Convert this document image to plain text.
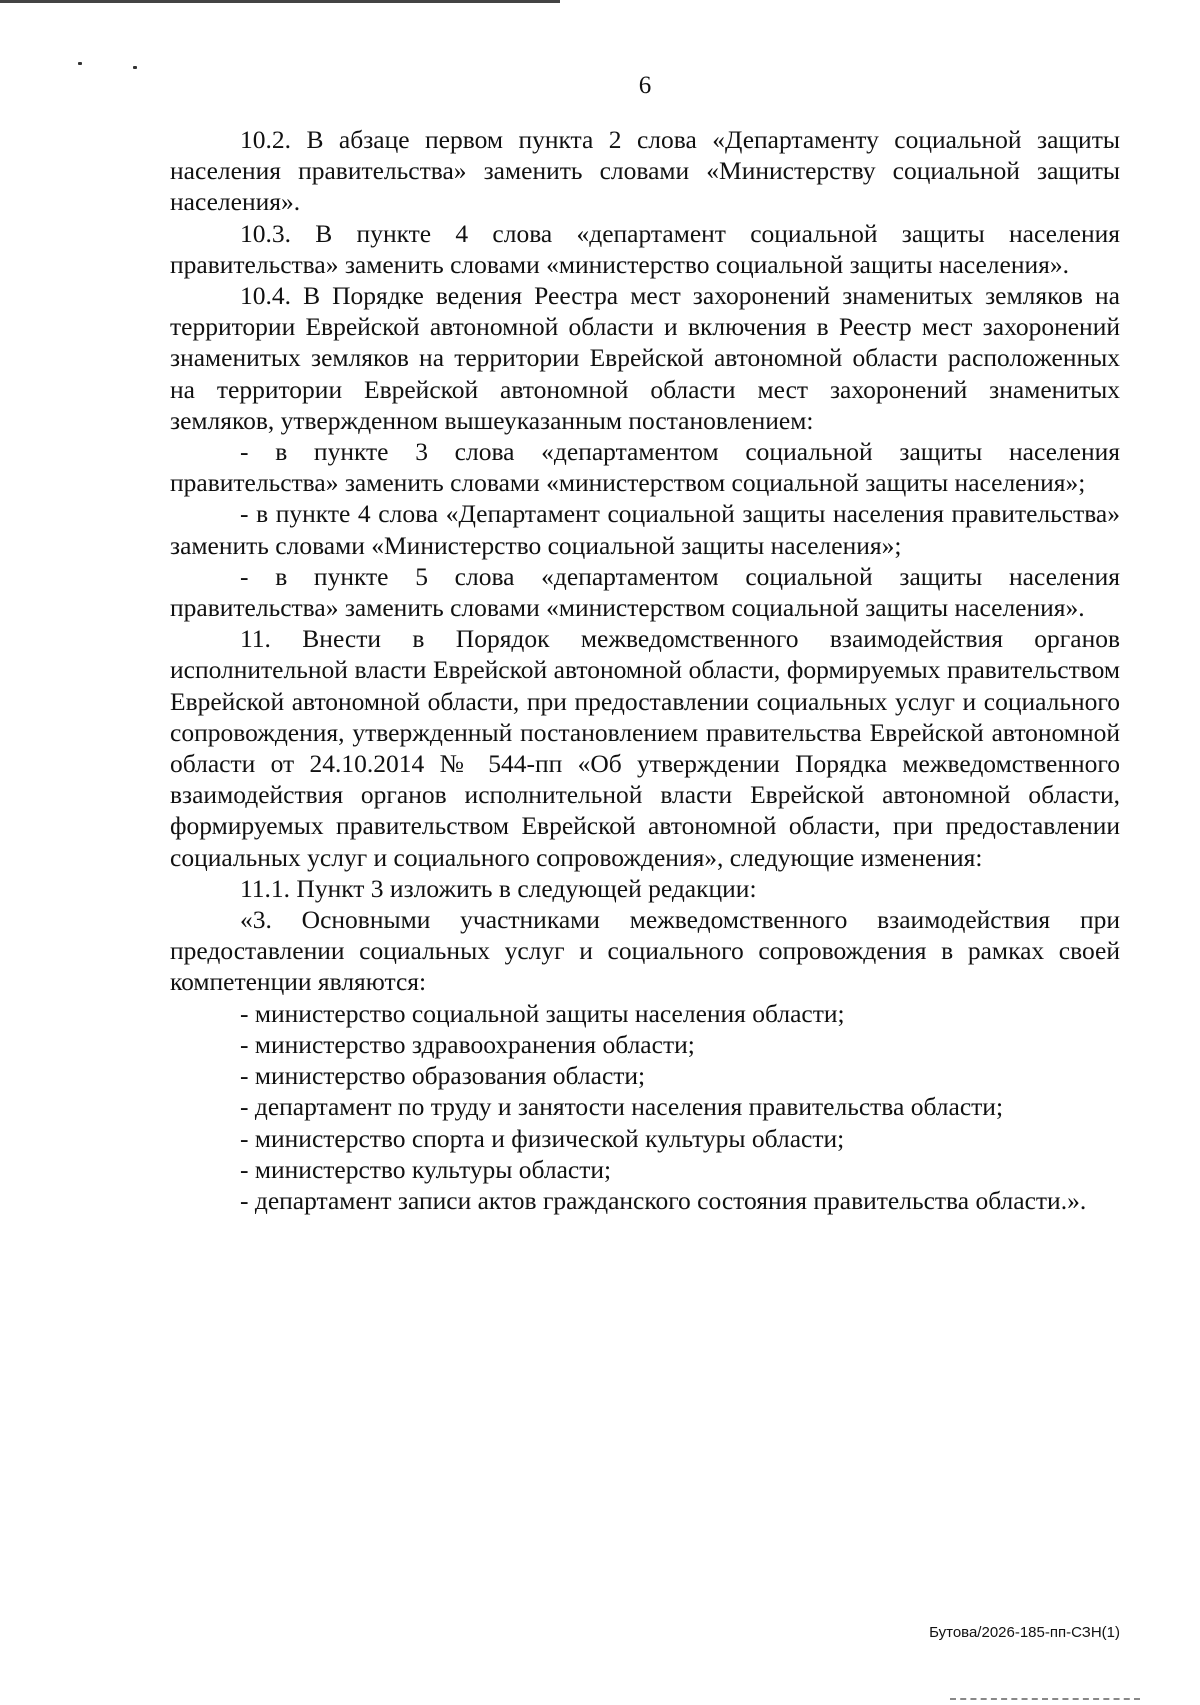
6

10.2. В абзаце первом пункта 2 слова «Департаменту социальной защиты населения правительства» заменить словами «Министерству социальной защиты населения».

10.3. В пункте 4 слова «департамент социальной защиты населения правительства» заменить словами «министерство социальной защиты населения».

10.4. В Порядке ведения Реестра мест захоронений знаменитых земляков на территории Еврейской автономной области и включения в Реестр мест захоронений знаменитых земляков на территории Еврейской автономной области расположенных на территории Еврейской автономной области мест захоронений знаменитых земляков, утвержденном вышеуказанным постановлением:

- в пункте 3 слова «департаментом социальной защиты населения правительства» заменить словами «министерством социальной защиты населения»;

- в пункте 4 слова «Департамент социальной защиты населения правительства» заменить словами «Министерство социальной защиты населения»;

- в пункте 5 слова «департаментом социальной защиты населения правительства» заменить словами «министерством социальной защиты населения».

11. Внести в Порядок межведомственного взаимодействия органов исполнительной власти Еврейской автономной области, формируемых правительством Еврейской автономной области, при предоставлении социальных услуг и социального сопровождения, утвержденный постановлением правительства Еврейской автономной области от 24.10.2014 № 544-пп «Об утверждении Порядка межведомственного взаимодействия органов исполнительной власти Еврейской автономной области, формируемых правительством Еврейской автономной области, при предоставлении социальных услуг и социального сопровождения», следующие изменения:

11.1. Пункт 3 изложить в следующей редакции:

«3. Основными участниками межведомственного взаимодействия при предоставлении социальных услуг и социального сопровождения в рамках своей компетенции являются:

- министерство социальной защиты населения области;

- министерство здравоохранения области;

- министерство образования области;

- департамент по труду и занятости населения правительства области;

- министерство спорта и физической культуры области;

- министерство культуры области;

- департамент записи актов гражданского состояния правительства области.».

Бутова/2026-185-пп-СЗН(1)
